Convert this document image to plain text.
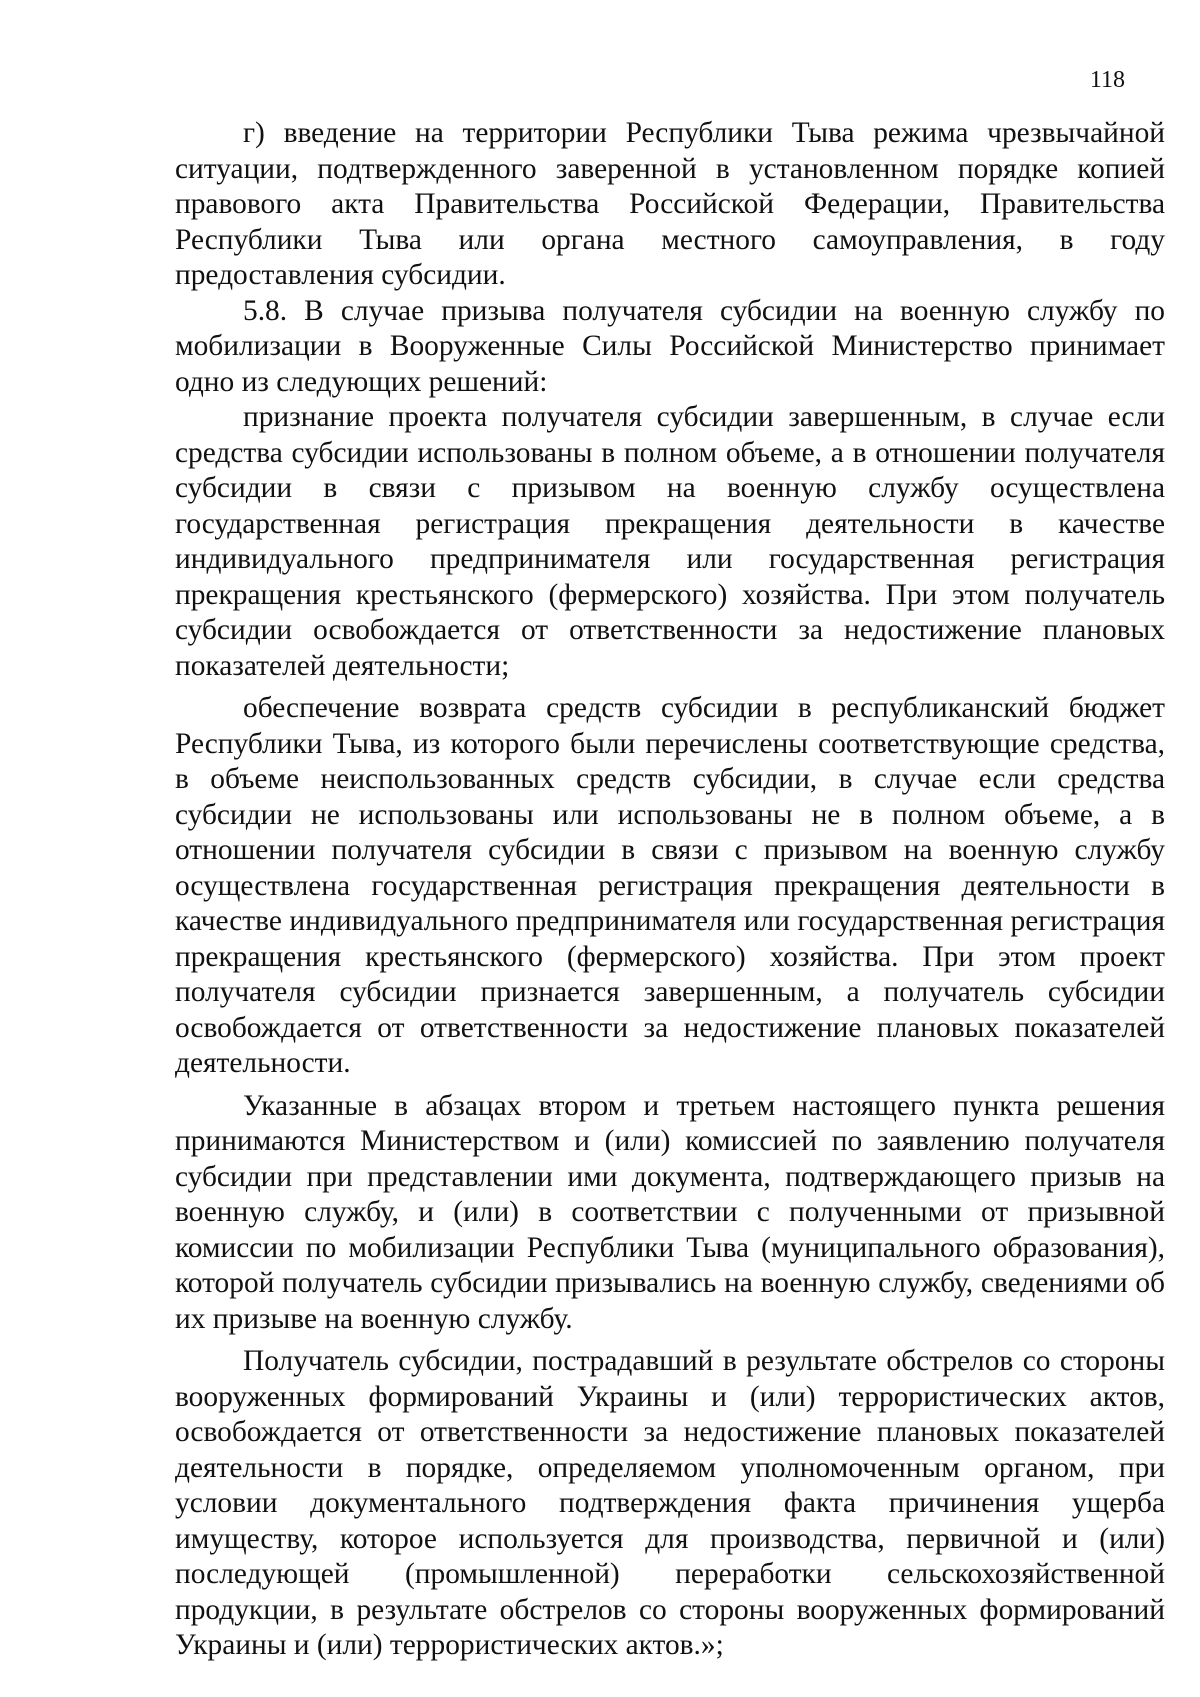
118

г) введение на территории Республики Тыва режима чрезвычайной ситуации, подтвержденного заверенной в установленном порядке копией правового акта Правительства Российской Федерации, Правительства Республики Тыва или органа местного самоуправления, в году предоставления субсидии.

5.8. В случае призыва получателя субсидии на военную службу по мобилизации в Вооруженные Силы Российской Министерство принимает одно из следующих решений:

признание проекта получателя субсидии завершенным, в случае если средства субсидии использованы в полном объеме, а в отношении получателя субсидии в связи с призывом на военную службу осуществлена государственная регистрация прекращения деятельности в качестве индивидуального предпринимателя или государственная регистрация прекращения крестьянского (фермерского) хозяйства. При этом получатель субсидии освобождается от ответственности за недостижение плановых показателей деятельности;

обеспечение возврата средств субсидии в республиканский бюджет Республики Тыва, из которого были перечислены соответствующие средства, в объеме неиспользованных средств субсидии, в случае если средства субсидии не использованы или использованы не в полном объеме, а в отношении получателя субсидии в связи с призывом на военную службу осуществлена государственная регистрация прекращения деятельности в качестве индивидуального предпринимателя или государственная регистрация прекращения крестьянского (фермерского) хозяйства. При этом проект получателя субсидии признается завершенным, а получатель субсидии освобождается от ответственности за недостижение плановых показателей деятельности.

Указанные в абзацах втором и третьем настоящего пункта решения принимаются Министерством и (или) комиссией по заявлению получателя субсидии при представлении ими документа, подтверждающего призыв на военную службу, и (или) в соответствии с полученными от призывной комиссии по мобилизации Республики Тыва (муниципального образования), которой получатель субсидии призывались на военную службу, сведениями об их призыве на военную службу.

Получатель субсидии, пострадавший в результате обстрелов со стороны вооруженных формирований Украины и (или) террористических актов, освобождается от ответственности за недостижение плановых показателей деятельности в порядке, определяемом уполномоченным органом, при условии документального подтверждения факта причинения ущерба имуществу, которое используется для производства, первичной и (или) последующей (промышленной) переработки сельскохозяйственной продукции, в результате обстрелов со стороны вооруженных формирований Украины и (или) террористических актов.»;
